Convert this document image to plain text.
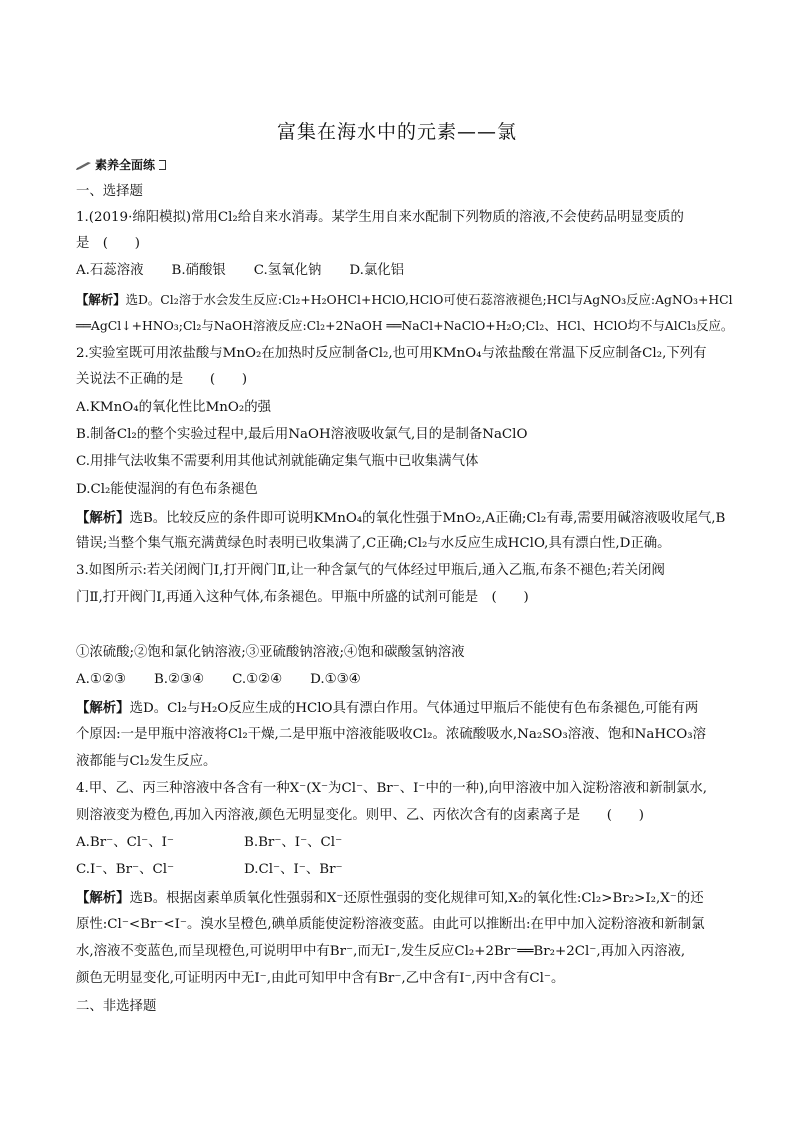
富集在海水中的元素——氯
素养全面练
一、选择题
1.(2019·绵阳模拟)常用Cl₂给自来水消毒。某学生用自来水配制下列物质的溶液,不会使药品明显变质的
是　(　　)
A.石蕊溶液 B.硝酸银 C.氢氧化钠 D.氯化铝
【解析】选D。Cl₂溶于水会发生反应:Cl₂+H₂OHCl+HClO,HClO可使石蕊溶液褪色;HCl与AgNO₃反应:AgNO₃+HCl
══AgCl↓+HNO₃;Cl₂与NaOH溶液反应:Cl₂+2NaOH ══NaCl+NaClO+H₂O;Cl₂、HCl、HClO均不与AlCl₃反应。
2.实验室既可用浓盐酸与MnO₂在加热时反应制备Cl₂,也可用KMnO₄与浓盐酸在常温下反应制备Cl₂,下列有
关说法不正确的是　　(　　)
A.KMnO₄的氧化性比MnO₂的强
B.制备Cl₂的整个实验过程中,最后用NaOH溶液吸收氯气,目的是制备NaClO
C.用排气法收集不需要利用其他试剂就能确定集气瓶中已收集满气体
D.Cl₂能使湿润的有色布条褪色
【解析】选B。比较反应的条件即可说明KMnO₄的氧化性强于MnO₂,A正确;Cl₂有毒,需要用碱溶液吸收尾气,B
错误;当整个集气瓶充满黄绿色时表明已收集满了,C正确;Cl₂与水反应生成HClO,具有漂白性,D正确。
3.如图所示:若关闭阀门Ⅰ,打开阀门Ⅱ,让一种含氯气的气体经过甲瓶后,通入乙瓶,布条不褪色;若关闭阀
门Ⅱ,打开阀门Ⅰ,再通入这种气体,布条褪色。甲瓶中所盛的试剂可能是　(　　)
①浓硫酸;②饱和氯化钠溶液;③亚硫酸钠溶液;④饱和碳酸氢钠溶液
A.①②③ B.②③④ C.①②④ D.①③④
【解析】选D。Cl₂与H₂O反应生成的HClO具有漂白作用。气体通过甲瓶后不能使有色布条褪色,可能有两
个原因:一是甲瓶中溶液将Cl₂干燥,二是甲瓶中溶液能吸收Cl₂。浓硫酸吸水,Na₂SO₃溶液、饱和NaHCO₃溶
液都能与Cl₂发生反应。
4.甲、乙、丙三种溶液中各含有一种X⁻(X⁻为Cl⁻、Br⁻、I⁻中的一种),向甲溶液中加入淀粉溶液和新制氯水,
则溶液变为橙色,再加入丙溶液,颜色无明显变化。则甲、乙、丙依次含有的卤素离子是　　(　　)
A.Br⁻、Cl⁻、I⁻	B.Br⁻、I⁻、Cl⁻
C.I⁻、Br⁻、Cl⁻	D.Cl⁻、I⁻、Br⁻
【解析】选B。根据卤素单质氧化性强弱和X⁻还原性强弱的变化规律可知,X₂的氧化性:Cl₂>Br₂>I₂,X⁻的还
原性:Cl⁻<Br⁻<I⁻。溴水呈橙色,碘单质能使淀粉溶液变蓝。由此可以推断出:在甲中加入淀粉溶液和新制氯
水,溶液不变蓝色,而呈现橙色,可说明甲中有Br⁻,而无I⁻,发生反应Cl₂+2Br⁻══Br₂+2Cl⁻,再加入丙溶液,
颜色无明显变化,可证明丙中无I⁻,由此可知甲中含有Br⁻,乙中含有I⁻,丙中含有Cl⁻。
二、非选择题
